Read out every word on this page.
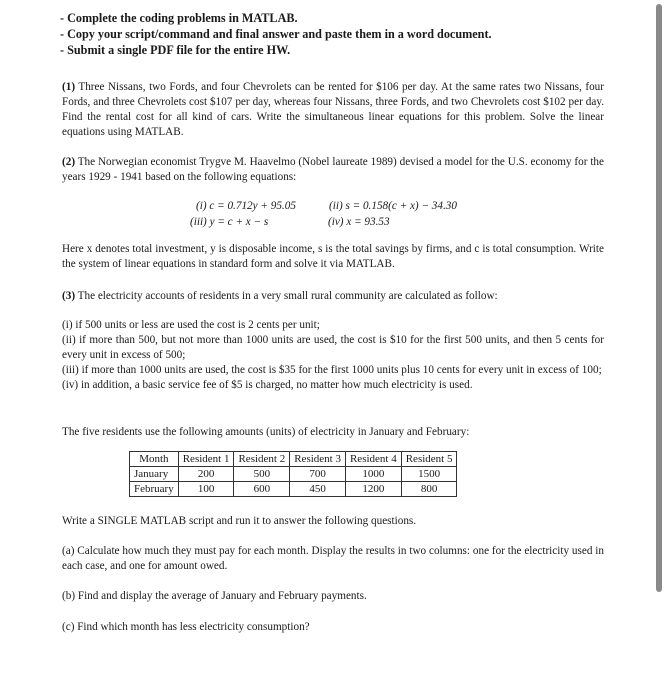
- Complete the coding problems in MATLAB.
- Copy your script/command and final answer and paste them in a word document.
- Submit a single PDF file for the entire HW.
(1) Three Nissans, two Fords, and four Chevrolets can be rented for $106 per day. At the same rates two Nissans, four Fords, and three Chevrolets cost $107 per day, whereas four Nissans, three Fords, and two Chevrolets cost $102 per day. Find the rental cost for all kind of cars. Write the simultaneous linear equations for this problem. Solve the linear equations using MATLAB.
(2) The Norwegian economist Trygve M. Haavelmo (Nobel laureate 1989) devised a model for the U.S. economy for the years 1929 - 1941 based on the following equations:
(i) c = 0.712y + 95.05	(ii) s = 0.158(c + x) − 34.30
(iii) y = c + x − s	(iv) x = 93.53
Here x denotes total investment, y is disposable income, s is the total savings by firms, and c is total consumption. Write the system of linear equations in standard form and solve it via MATLAB.
(3) The electricity accounts of residents in a very small rural community are calculated as follow:
(i) if 500 units or less are used the cost is 2 cents per unit;
(ii) if more than 500, but not more than 1000 units are used, the cost is $10 for the first 500 units, and then 5 cents for every unit in excess of 500;
(iii) if more than 1000 units are used, the cost is $35 for the first 1000 units plus 10 cents for every unit in excess of 100;
(iv) in addition, a basic service fee of $5 is charged, no matter how much electricity is used.
The five residents use the following amounts (units) of electricity in January and February:
Month	Resident 1	Resident 2	Resident 3	Resident 4	Resident 5
January	200	500	700	1000	1500
February	100	600	450	1200	800
Write a SINGLE MATLAB script and run it to answer the following questions.
(a) Calculate how much they must pay for each month. Display the results in two columns: one for the electricity used in each case, and one for amount owed.
(b) Find and display the average of January and February payments.
(c) Find which month has less electricity consumption?
